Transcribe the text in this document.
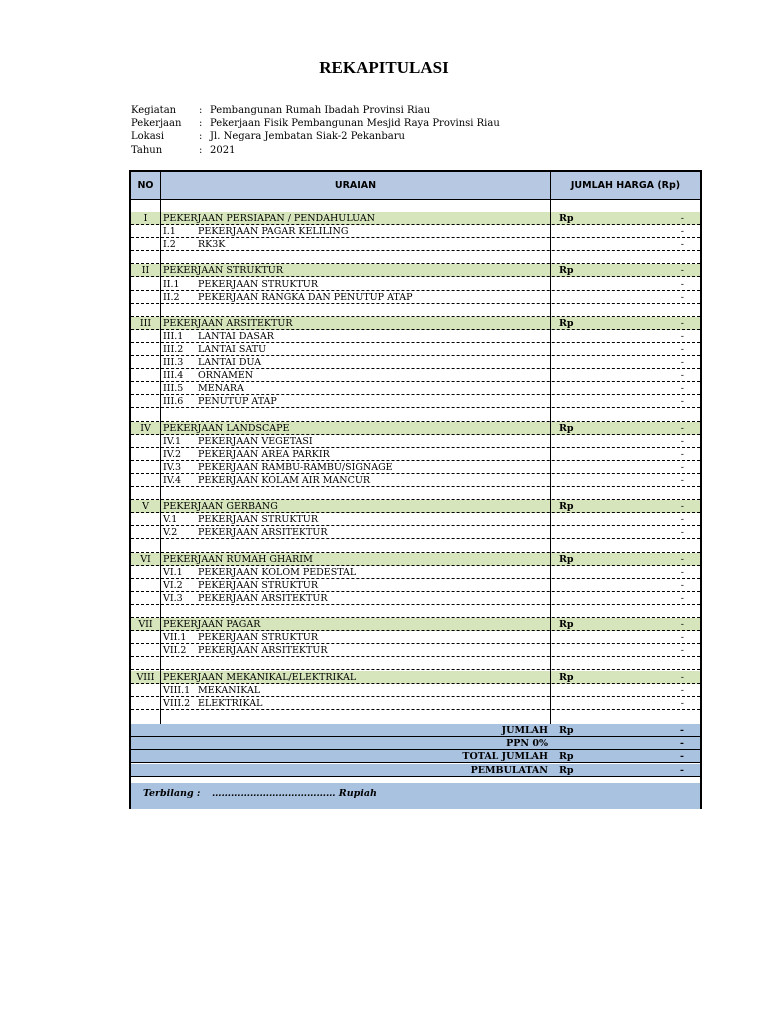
REKAPITULASI
Kegiatan	: Pembangunan Rumah Ibadah Provinsi Riau
Pekerjaan	: Pekerjaan Fisik Pembangunan Mesjid Raya Provinsi Riau
Lokasi	: Jl. Negara Jembatan Siak-2 Pekanbaru
Tahun	: 2021
NO	URAIAN	JUMLAH HARGA (Rp)
I	PEKERJAAN PERSIAPAN / PENDAHULUAN	Rp	-
I.1	PEKERJAAN PAGAR KELILING	-
I.2	RK3K	-
II	PEKERJAAN STRUKTUR	Rp	-
II.1	PEKERJAAN STRUKTUR	-
II.2	PEKERJAAN RANGKA DAN PENUTUP ATAP	-
III	PEKERJAAN ARSITEKTUR	Rp	-
III.1	LANTAI DASAR	-
III.2	LANTAI SATU	-
III.3	LANTAI DUA	-
III.4	ORNAMEN	-
III.5	MENARA	-
III.6	PENUTUP ATAP	-
IV	PEKERJAAN LANDSCAPE	Rp	-
IV.1	PEKERJAAN VEGETASI	-
IV.2	PEKERJAAN AREA PARKIR	-
IV.3	PEKERJAAN RAMBU-RAMBU/SIGNAGE	-
IV.4	PEKERJAAN KOLAM AIR MANCUR	-
V	PEKERJAAN GERBANG	Rp	-
V.1	PEKERJAAN STRUKTUR	-
V.2	PEKERJAAN ARSITEKTUR	-
VI	PEKERJAAN RUMAH GHARIM	Rp	-
VI.1	PEKERJAAN KOLOM PEDESTAL	-
VI.2	PEKERJAAN STRUKTUR	-
VI.3	PEKERJAAN ARSITEKTUR	-
VII	PEKERJAAN PAGAR	Rp	-
VII.1	PEKERJAAN STRUKTUR	-
VII.2	PEKERJAAN ARSITEKTUR	-
VIII PEKERJAAN MEKANIKAL/ELEKTRIKAL	Rp	-
VIII.1 MEKANIKAL	-
VIII.2 ELEKTRIKAL	-
JUMLAH Rp	-
PPN 0%	-
TOTAL JUMLAH Rp	-
PEMBULATAN Rp	-
Terbilang : ………………………………… Rupiah
